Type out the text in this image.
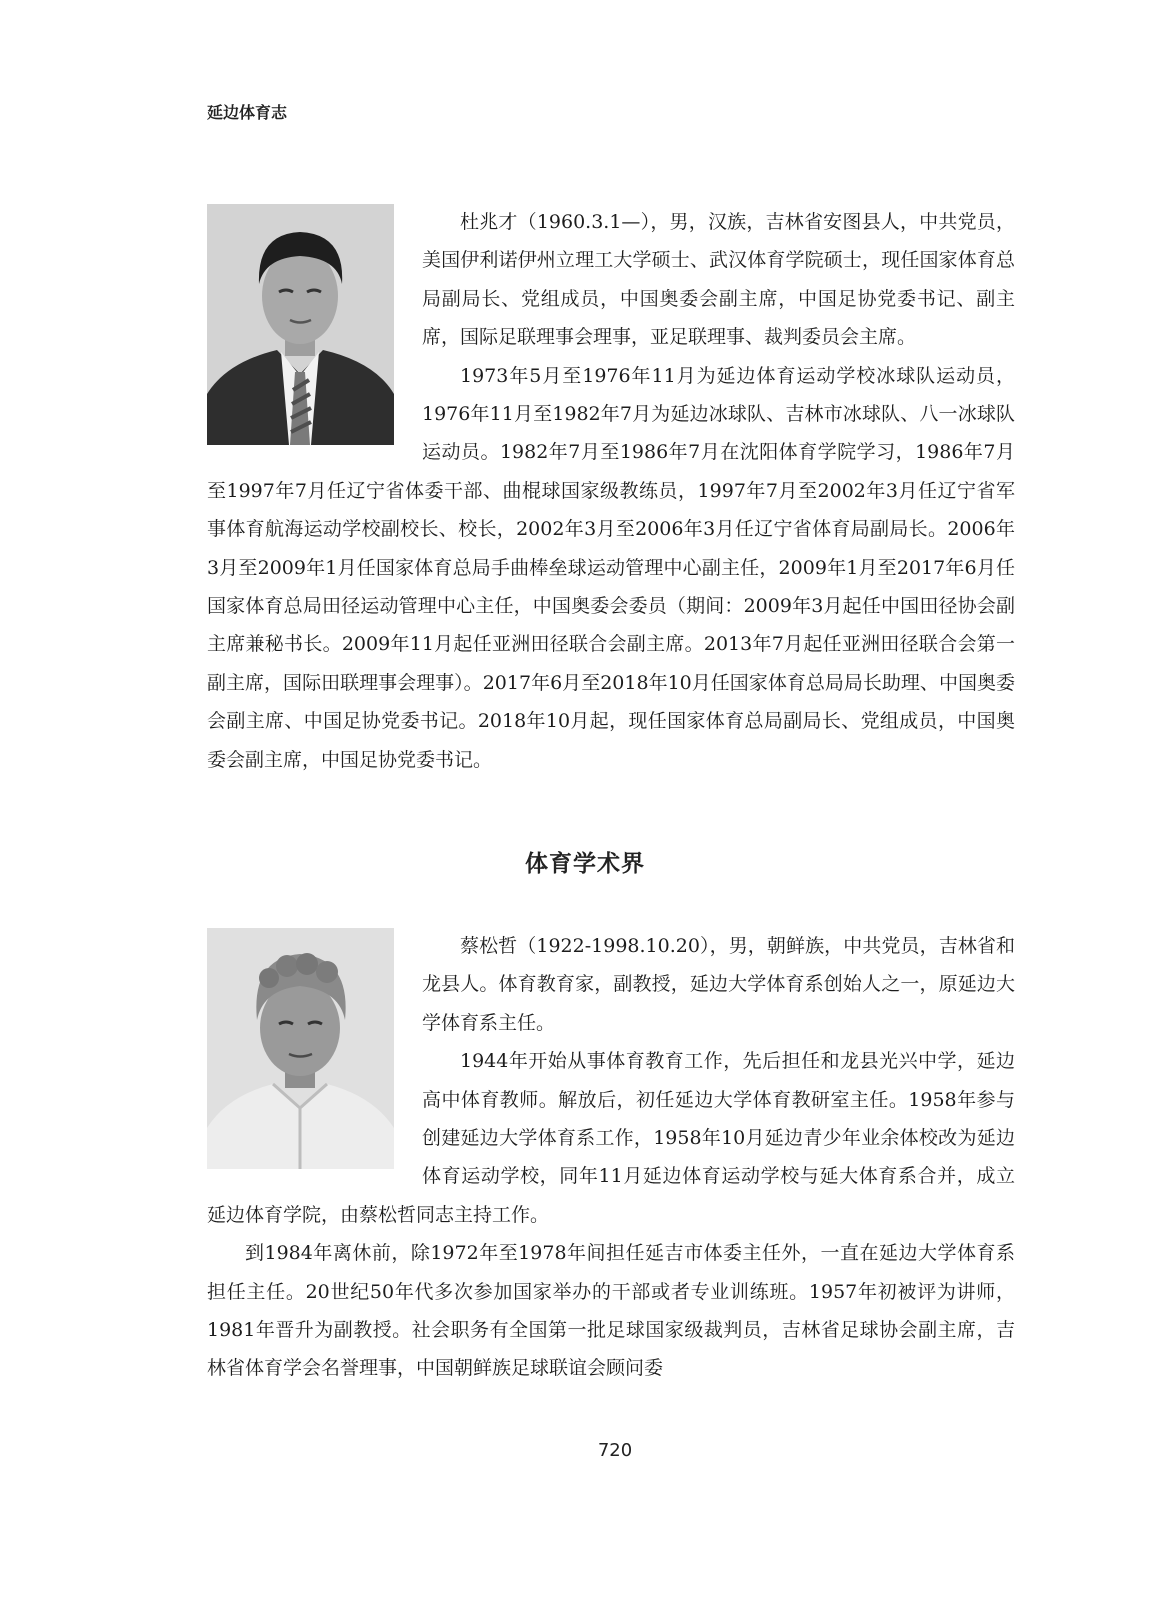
延边体育志

杜兆才（1960.3.1—），男，汉族，吉林省安图县人，中共党员，美国伊利诺伊州立理工大学硕士、武汉体育学院硕士，现任国家体育总局副局长、党组成员，中国奥委会副主席，中国足协党委书记、副主席，国际足联理事会理事，亚足联理事、裁判委员会主席。

1973年5月至1976年11月为延边体育运动学校冰球队运动员，1976年11月至1982年7月为延边冰球队、吉林市冰球队、八一冰球队运动员。1982年7月至1986年7月在沈阳体育学院学习，1986年7月至1997年7月任辽宁省体委干部、曲棍球国家级教练员，1997年7月至2002年3月任辽宁省军事体育航海运动学校副校长、校长，2002年3月至2006年3月任辽宁省体育局副局长。2006年3月至2009年1月任国家体育总局手曲棒垒球运动管理中心副主任，2009年1月至2017年6月任国家体育总局田径运动管理中心主任，中国奥委会委员（期间：2009年3月起任中国田径协会副主席兼秘书长。2009年11月起任亚洲田径联合会副主席。2013年7月起任亚洲田径联合会第一副主席，国际田联理事会理事）。2017年6月至2018年10月任国家体育总局局长助理、中国奥委会副主席、中国足协党委书记。2018年10月起，现任国家体育总局副局长、党组成员，中国奥委会副主席，中国足协党委书记。

体育学术界

蔡松哲（1922-1998.10.20），男，朝鲜族，中共党员，吉林省和龙县人。体育教育家，副教授，延边大学体育系创始人之一，原延边大学体育系主任。

1944年开始从事体育教育工作，先后担任和龙县光兴中学，延边高中体育教师。解放后，初任延边大学体育教研室主任。1958年参与创建延边大学体育系工作，1958年10月延边青少年业余体校改为延边体育运动学校，同年11月延边体育运动学校与延大体育系合并，成立延边体育学院，由蔡松哲同志主持工作。

到1984年离休前，除1972年至1978年间担任延吉市体委主任外，一直在延边大学体育系担任主任。20世纪50年代多次参加国家举办的干部或者专业训练班。1957年初被评为讲师，1981年晋升为副教授。社会职务有全国第一批足球国家级裁判员，吉林省足球协会副主席，吉林省体育学会名誉理事，中国朝鲜族足球联谊会顾问委

720
